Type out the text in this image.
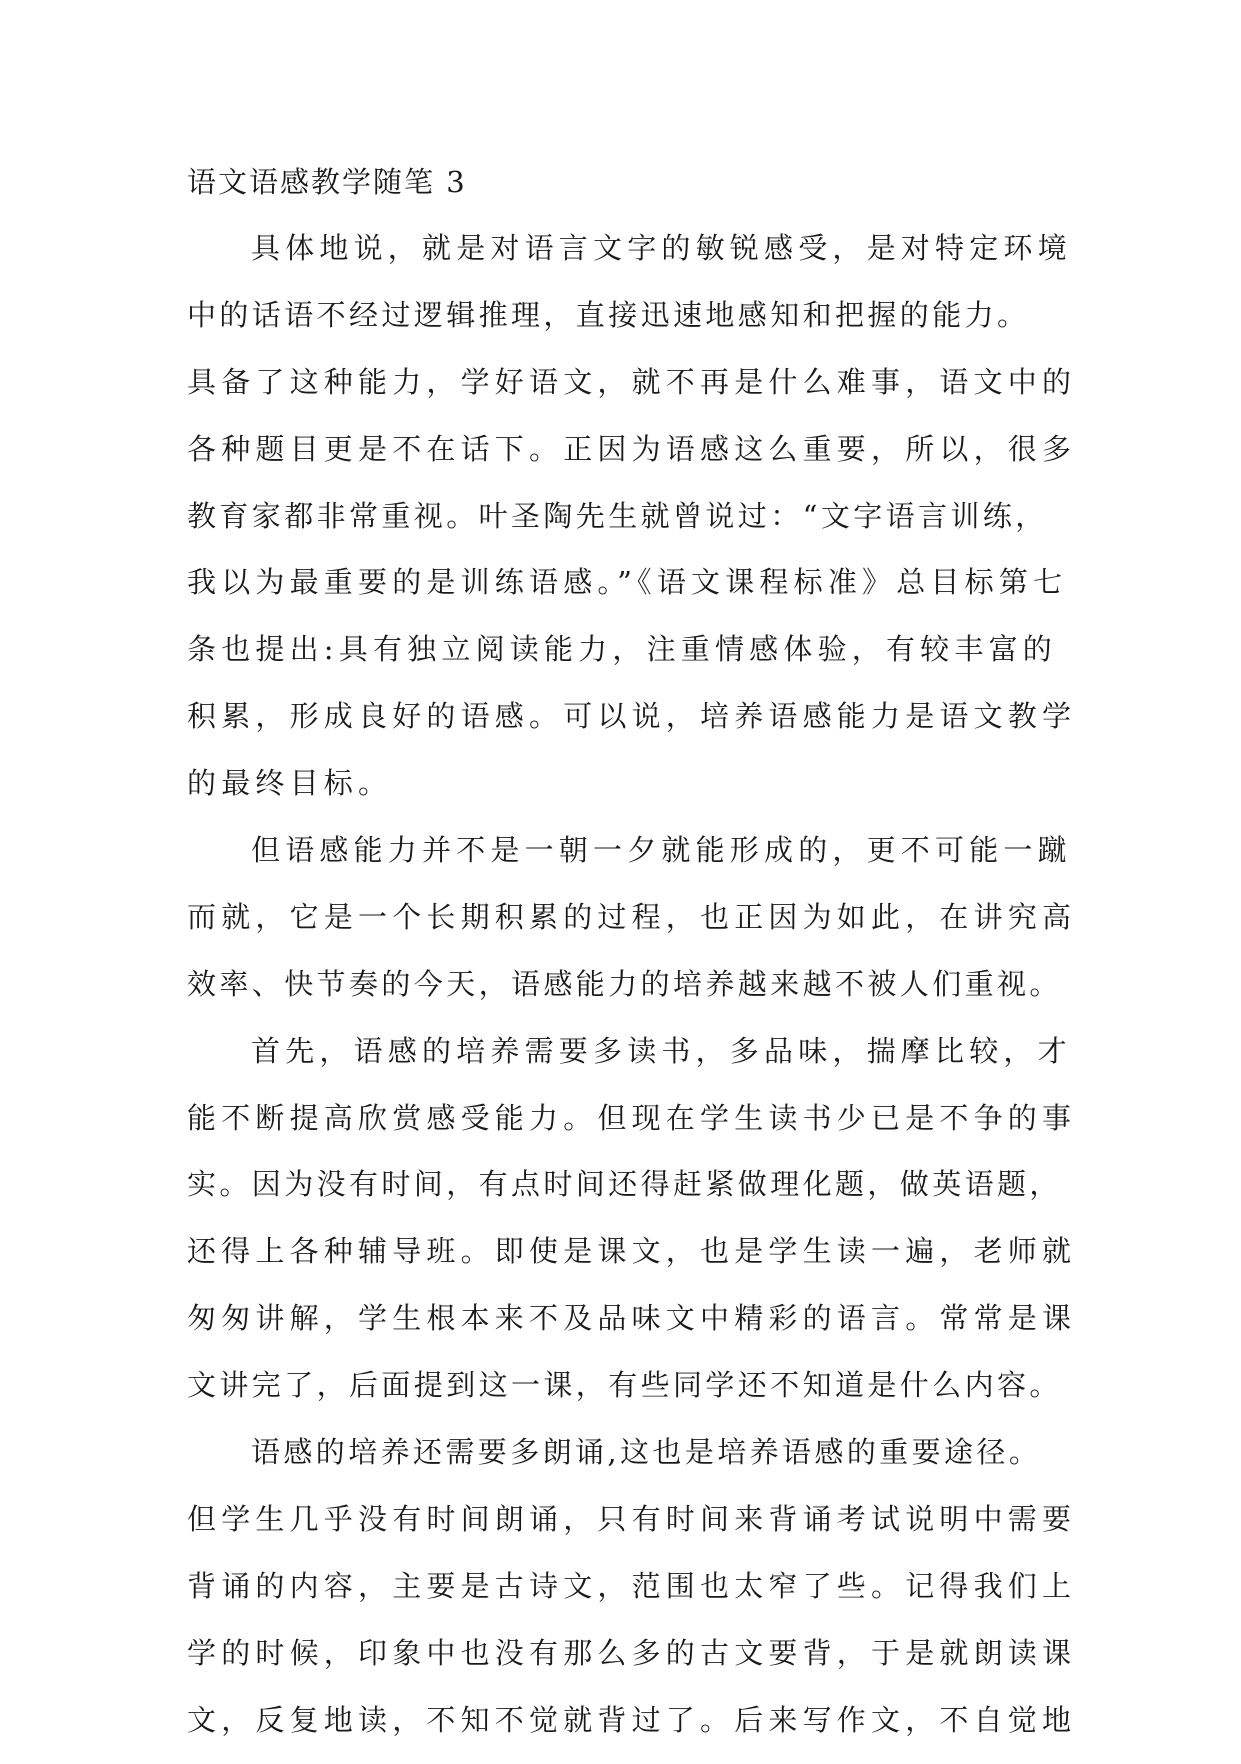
语文语感教学随笔 3
具体地说，就是对语言文字的敏锐感受，是对特定环境
中的话语不经过逻辑推理，直接迅速地感知和把握的能力。
具备了这种能力，学好语文，就不再是什么难事，语文中的
各种题目更是不在话下。正因为语感这么重要，所以，很多
教育家都非常重视。叶圣陶先生就曾说过：“文字语言训练，
我以为最重要的是训练语感。”《语文课程标准》总目标第七
条也提出:具有独立阅读能力，注重情感体验，有较丰富的
积累，形成良好的语感。可以说，培养语感能力是语文教学
的最终目标。
但语感能力并不是一朝一夕就能形成的，更不可能一蹴
而就，它是一个长期积累的过程，也正因为如此，在讲究高
效率、快节奏的今天，语感能力的培养越来越不被人们重视。
首先，语感的培养需要多读书，多品味，揣摩比较，才
能不断提高欣赏感受能力。但现在学生读书少已是不争的事
实。因为没有时间，有点时间还得赶紧做理化题，做英语题，
还得上各种辅导班。即使是课文，也是学生读一遍，老师就
匆匆讲解，学生根本来不及品味文中精彩的语言。常常是课
文讲完了，后面提到这一课，有些同学还不知道是什么内容。
语感的培养还需要多朗诵,这也是培养语感的重要途径。
但学生几乎没有时间朗诵，只有时间来背诵考试说明中需要
背诵的内容，主要是古诗文，范围也太窄了些。记得我们上
学的时候，印象中也没有那么多的古文要背，于是就朗读课
文，反复地读，不知不觉就背过了。后来写作文，不自觉地
